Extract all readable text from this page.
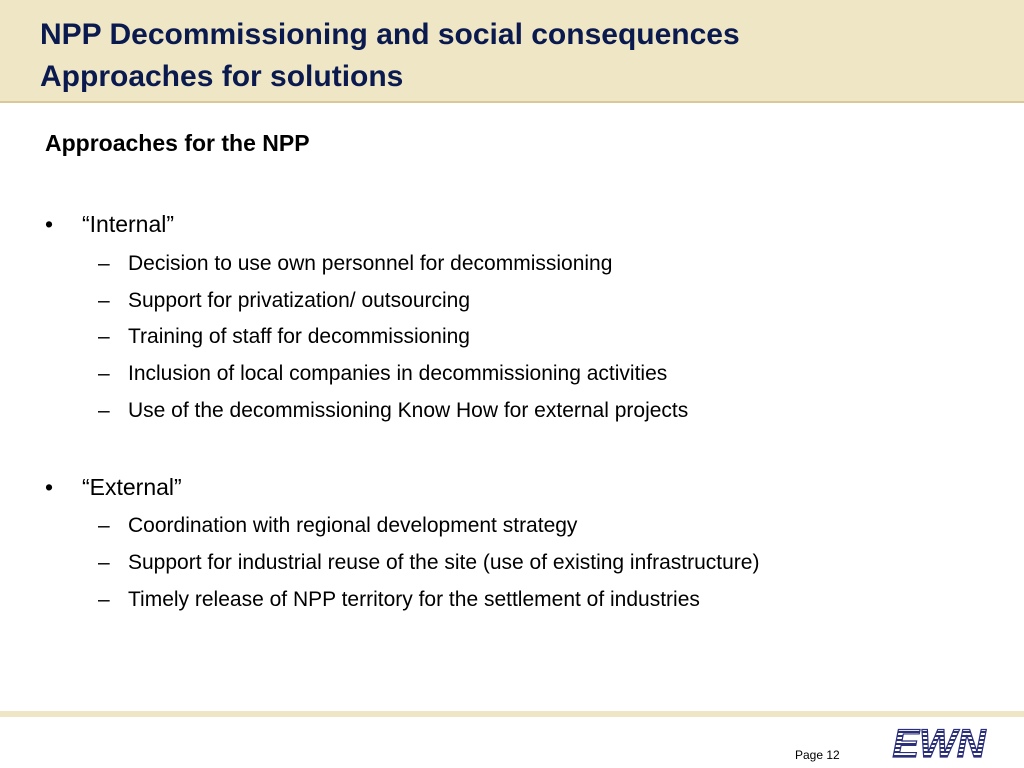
NPP Decommissioning and social consequences
Approaches for solutions
Approaches for the NPP
• “Internal”
– Decision to use own personnel for decommissioning
– Support for privatization/ outsourcing
– Training of staff for decommissioning
– Inclusion of local companies in decommissioning activities
– Use of the decommissioning Know How for external projects
• “External”
– Coordination with regional development strategy
– Support for industrial reuse of the site (use of existing infrastructure)
– Timely release of NPP territory for the settlement of industries
Page 12 EWN
